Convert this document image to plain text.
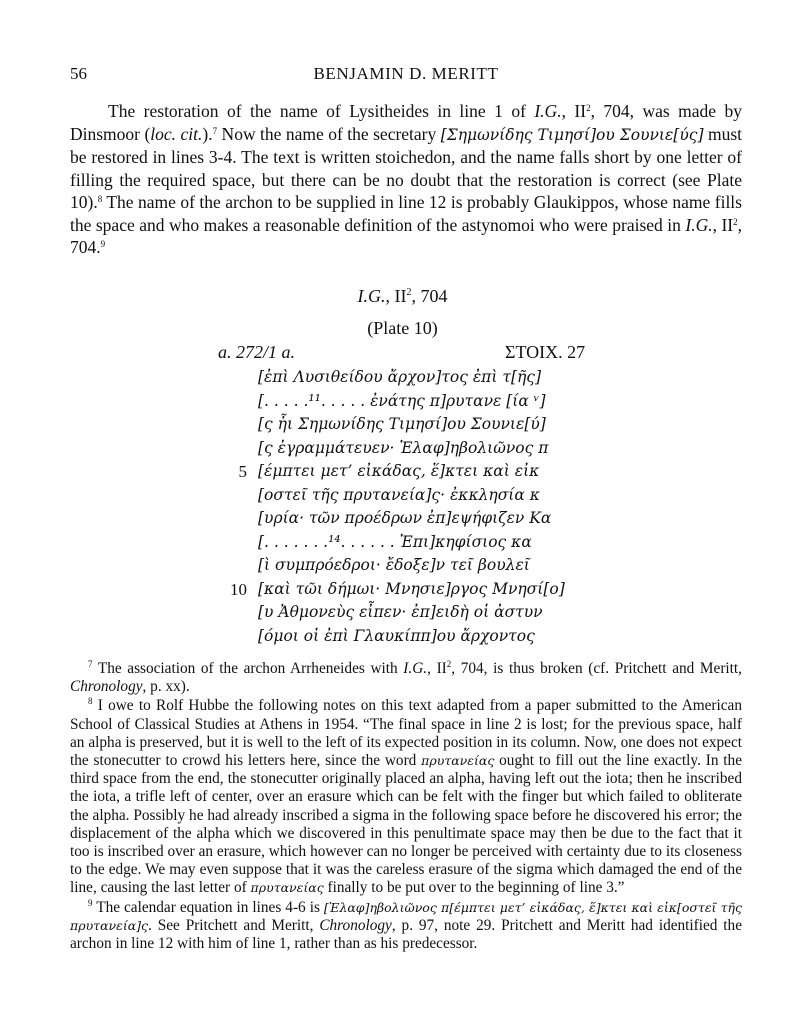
56	BENJAMIN D. MERITT

The restoration of the name of Lysitheides in line 1 of I.G., $II^2$, 704, was made by Dinsmoor (loc. cit.).$^7$ Now the name of the secretary [Σημωνίδης Τιμησί]ου Σουνιε[ύς] must be restored in lines 3-4. The text is written stoichedon, and the name falls short by one letter of filling the required space, but there can be no doubt that the restoration is correct (see Plate 10).$^8$ The name of the archon to be supplied in line 12 is probably Glaukippos, whose name fills the space and who makes a reasonable definition of the astynomoi who were praised in I.G., $II^2$, 704.$^9$

I.G., $II^2$, 704
(Plate 10)
a. 272/1 a.	ΣΤΟΙΧ. 27
[ἐπὶ Λυσιθείδου ἄρχον]τος ἐπὶ τ[ῆς]
[. . . . .¹¹. . . . . ἐνάτης π]ρυτανε [ία ᵛ]
[ς ἧι Σημωνίδης Τιμησί]ου Σουνιε[ύ]
[ς ἐγραμμάτευεν· Ἐλαφ]ηβολιῶνος π
5 [έμπτει μετ’ εἰκάδας, ἕ]κτει καὶ εἰκ
[οστεῖ τῆς πρυτανεία]ς· ἐκκλησία κ
[υρία· τῶν προέδρων ἐπ]εψήφιζεν Κα
[. . . . . . .¹⁴. . . . . . Ἐπι]κηφίσιος κα
[ὶ συμπρόεδροι· ἔδοξε]ν τεῖ βουλεῖ
10 [καὶ τῶι δήμωι· Μνησιε]ργος Μνησί[ο]
[υ Ἀθμονεὺς εἶπεν· ἐπ]ειδὴ οἱ ἀστυν
[όμοι οἱ ἐπὶ Γλαυκίππ]ου ἄρχοντος

$^7$ The association of the archon Arrheneides with I.G., $II^2$, 704, is thus broken (cf. Pritchett and Meritt, Chronology, p. xx).

$^8$ I owe to Rolf Hubbe the following notes on this text adapted from a paper submitted to the American School of Classical Studies at Athens in 1954. “The final space in line 2 is lost; for the previous space, half an alpha is preserved, but it is well to the left of its expected position in its column. Now, one does not expect the stonecutter to crowd his letters here, since the word πρυτανείας ought to fill out the line exactly. In the third space from the end, the stonecutter originally placed an alpha, having left out the iota; then he inscribed the iota, a trifle left of center, over an erasure which can be felt with the finger but which failed to obliterate the alpha. Possibly he had already inscribed a sigma in the following space before he discovered his error; the displacement of the alpha which we discovered in this penultimate space may then be due to the fact that it too is inscribed over an erasure, which however can no longer be perceived with certainty due to its closeness to the edge. We may even suppose that it was the careless erasure of the sigma which damaged the end of the line, causing the last letter of πρυτανείας finally to be put over to the beginning of line 3.”

$^9$ The calendar equation in lines 4-6 is [Ἐλαφ]ηβολιῶνος π[έμπτει μετ’ εἰκάδας, ἕ]κτει καὶ εἰκ[οστεῖ τῆς πρυτανεία]ς. See Pritchett and Meritt, Chronology, p. 97, note 29. Pritchett and Meritt had identified the archon in line 12 with him of line 1, rather than as his predecessor.
